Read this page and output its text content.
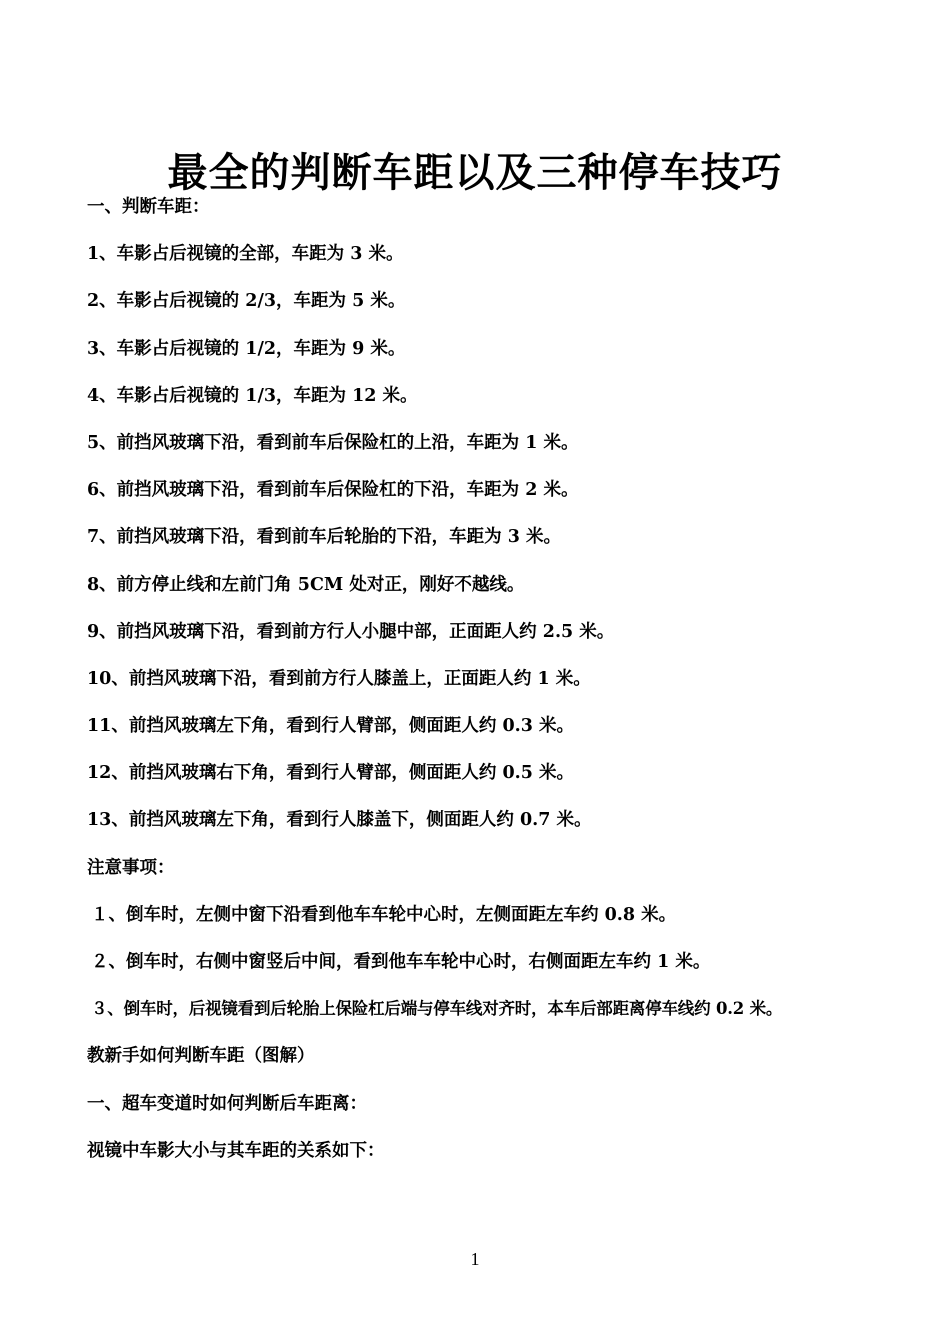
最全的判断车距以及三种停车技巧
一、判断车距：
1、车影占后视镜的全部，车距为 3 米。
2、车影占后视镜的 2/3，车距为 5 米。
3、车影占后视镜的 1/2，车距为 9 米。
4、车影占后视镜的 1/3，车距为 12 米。
5、前挡风玻璃下沿，看到前车后保险杠的上沿，车距为 1 米。
6、前挡风玻璃下沿，看到前车后保险杠的下沿，车距为 2 米。
7、前挡风玻璃下沿，看到前车后轮胎的下沿，车距为 3 米。
8、前方停止线和左前门角 5CM 处对正，刚好不越线。
9、前挡风玻璃下沿，看到前方行人小腿中部，正面距人约 2.5 米。
10、前挡风玻璃下沿，看到前方行人膝盖上，正面距人约 1 米。
11、前挡风玻璃左下角，看到行人臂部，侧面距人约 0.3 米。
12、前挡风玻璃右下角，看到行人臂部，侧面距人约 0.5 米。
13、前挡风玻璃左下角，看到行人膝盖下，侧面距人约 0.7 米。
注意事项：
１、倒车时，左侧中窗下沿看到他车车轮中心时，左侧面距左车约 0.8 米。
２、倒车时，右侧中窗竖后中间，看到他车车轮中心时，右侧面距左车约 1 米。
３、倒车时，后视镜看到后轮胎上保险杠后端与停车线对齐时，本车后部距离停车线约 0.2 米。
教新手如何判断车距（图解）
一、超车变道时如何判断后车距离：
视镜中车影大小与其车距的关系如下：
1
